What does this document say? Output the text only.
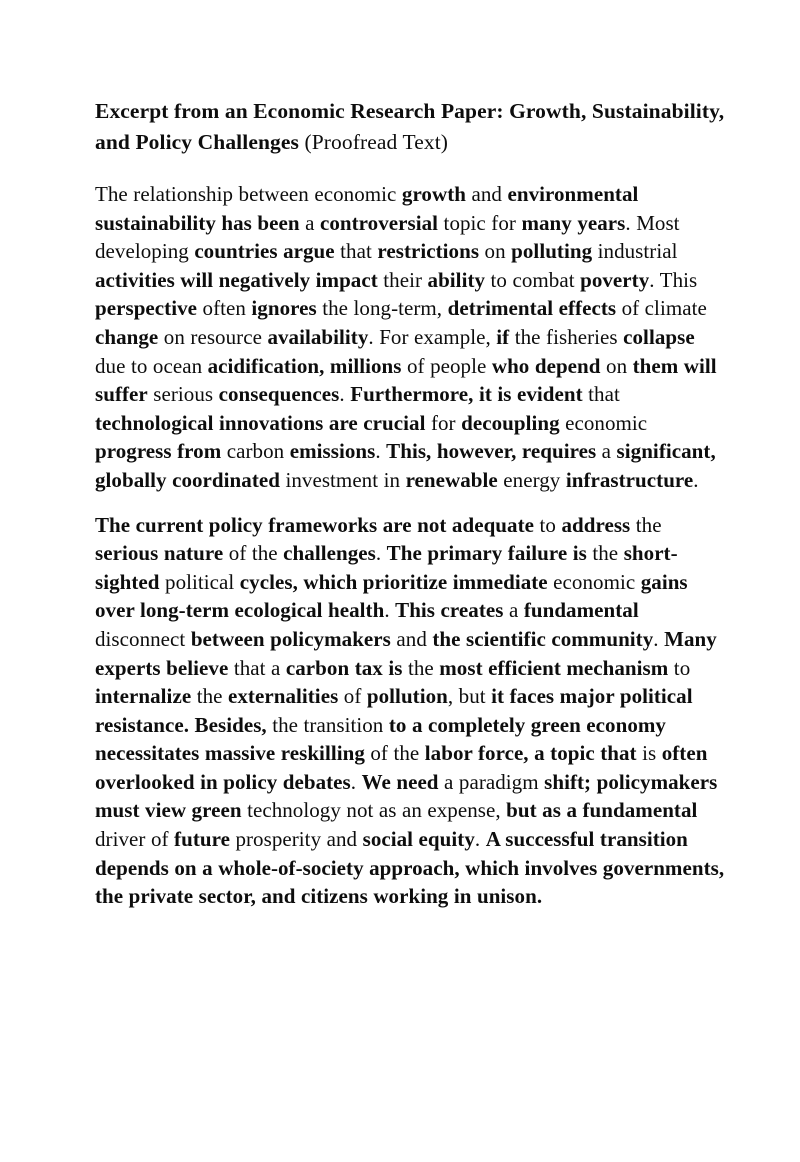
Excerpt from an Economic Research Paper: Growth, Sustainability, and Policy Challenges (Proofread Text)

The relationship between economic growth and environmental sustainability has been a controversial topic for many years. Most developing countries argue that restrictions on polluting industrial activities will negatively impact their ability to combat poverty. This perspective often ignores the long-term, detrimental effects of climate change on resource availability. For example, if the fisheries collapse due to ocean acidification, millions of people who depend on them will suffer serious consequences. Furthermore, it is evident that technological innovations are crucial for decoupling economic progress from carbon emissions. This, however, requires a significant, globally coordinated investment in renewable energy infrastructure.

The current policy frameworks are not adequate to address the serious nature of the challenges. The primary failure is the short-sighted political cycles, which prioritize immediate economic gains over long-term ecological health. This creates a fundamental disconnect between policymakers and the scientific community. Many experts believe that a carbon tax is the most efficient mechanism to internalize the externalities of pollution, but it faces major political resistance. Besides, the transition to a completely green economy necessitates massive reskilling of the labor force, a topic that is often overlooked in policy debates. We need a paradigm shift; policymakers must view green technology not as an expense, but as a fundamental driver of future prosperity and social equity. A successful transition depends on a whole-of-society approach, which involves governments, the private sector, and citizens working in unison.
